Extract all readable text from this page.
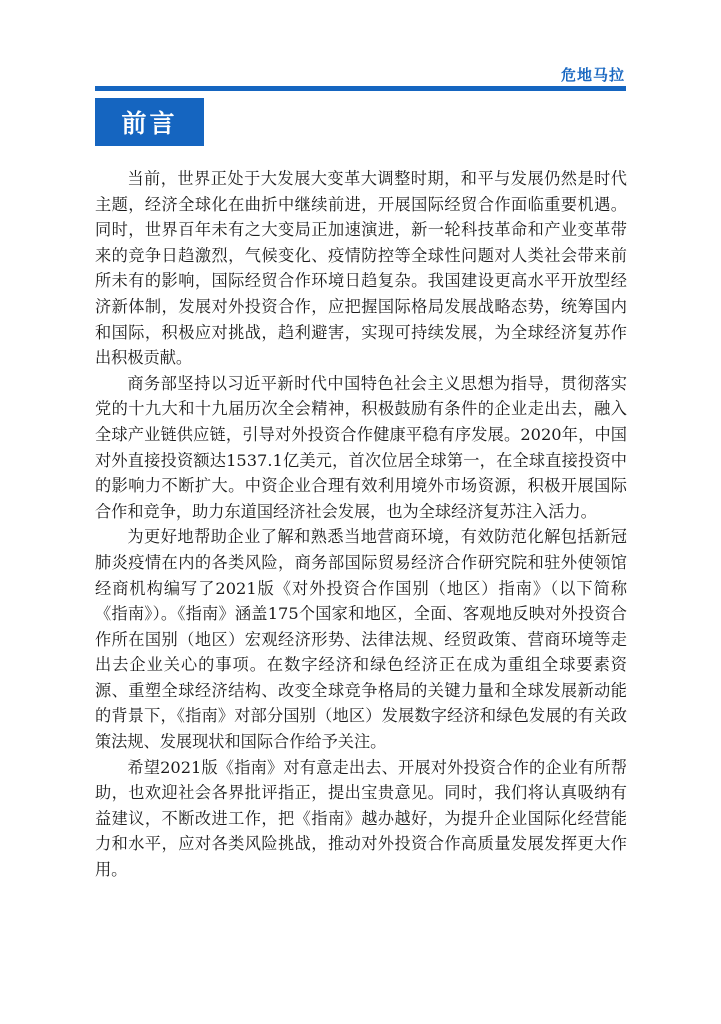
危地马拉
前言

当前，世界正处于大发展大变革大调整时期，和平与发展仍然是时代主题，经济全球化在曲折中继续前进，开展国际经贸合作面临重要机遇。同时，世界百年未有之大变局正加速演进，新一轮科技革命和产业变革带来的竞争日趋激烈，气候变化、疫情防控等全球性问题对人类社会带来前所未有的影响，国际经贸合作环境日趋复杂。我国建设更高水平开放型经济新体制，发展对外投资合作，应把握国际格局发展战略态势，统筹国内和国际，积极应对挑战，趋利避害，实现可持续发展，为全球经济复苏作出积极贡献。

商务部坚持以习近平新时代中国特色社会主义思想为指导，贯彻落实党的十九大和十九届历次全会精神，积极鼓励有条件的企业走出去，融入全球产业链供应链，引导对外投资合作健康平稳有序发展。2020年，中国对外直接投资额达1537.1亿美元，首次位居全球第一，在全球直接投资中的影响力不断扩大。中资企业合理有效利用境外市场资源，积极开展国际合作和竞争，助力东道国经济社会发展，也为全球经济复苏注入活力。

为更好地帮助企业了解和熟悉当地营商环境，有效防范化解包括新冠肺炎疫情在内的各类风险，商务部国际贸易经济合作研究院和驻外使领馆经商机构编写了2021版《对外投资合作国别（地区）指南》（以下简称《指南》）。《指南》涵盖175个国家和地区，全面、客观地反映对外投资合作所在国别（地区）宏观经济形势、法律法规、经贸政策、营商环境等走出去企业关心的事项。在数字经济和绿色经济正在成为重组全球要素资源、重塑全球经济结构、改变全球竞争格局的关键力量和全球发展新动能的背景下，《指南》对部分国别（地区）发展数字经济和绿色发展的有关政策法规、发展现状和国际合作给予关注。

希望2021版《指南》对有意走出去、开展对外投资合作的企业有所帮助，也欢迎社会各界批评指正，提出宝贵意见。同时，我们将认真吸纳有益建议，不断改进工作，把《指南》越办越好，为提升企业国际化经营能力和水平，应对各类风险挑战，推动对外投资合作高质量发展发挥更大作用。
